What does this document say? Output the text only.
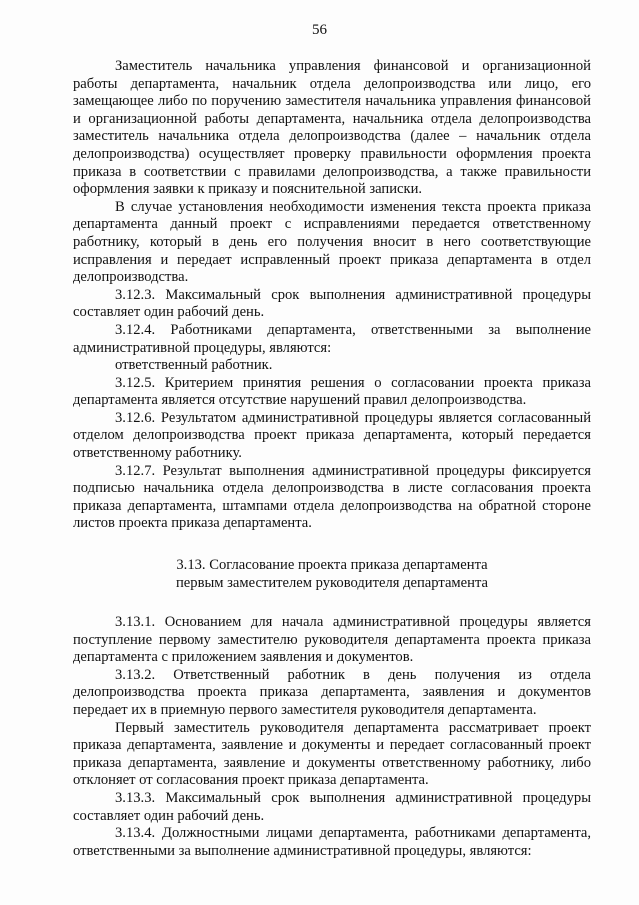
56

Заместитель начальника управления финансовой и организационной работы департамента, начальник отдела делопроизводства или лицо, его замещающее либо по поручению заместителя начальника управления финансовой и организационной работы департамента, начальника отдела делопроизводства заместитель начальника отдела делопроизводства (далее – начальник отдела делопроизводства) осуществляет проверку правильности оформления проекта приказа в соответствии с правилами делопроизводства, а также правильности оформления заявки к приказу и пояснительной записки.

В случае установления необходимости изменения текста проекта приказа департамента данный проект с исправлениями передается ответственному работнику, который в день его получения вносит в него соответствующие исправления и передает исправленный проект приказа департамента в отдел делопроизводства.

3.12.3. Максимальный срок выполнения административной процедуры составляет один рабочий день.

3.12.4. Работниками департамента, ответственными за выполнение административной процедуры, являются:

ответственный работник.

3.12.5. Критерием принятия решения о согласовании проекта приказа департамента является отсутствие нарушений правил делопроизводства.

3.12.6. Результатом административной процедуры является согласованный отделом делопроизводства проект приказа департамента, который передается ответственному работнику.

3.12.7. Результат выполнения административной процедуры фиксируется подписью начальника отдела делопроизводства в листе согласования проекта приказа департамента, штампами отдела делопроизводства на обратной стороне листов проекта приказа департамента.

3.13. Согласование проекта приказа департамента
первым заместителем руководителя департамента

3.13.1. Основанием для начала административной процедуры является поступление первому заместителю руководителя департамента проекта приказа департамента с приложением заявления и документов.

3.13.2. Ответственный работник в день получения из отдела делопроизводства проекта приказа департамента, заявления и документов передает их в приемную первого заместителя руководителя департамента.

Первый заместитель руководителя департамента рассматривает проект приказа департамента, заявление и документы и передает согласованный проект приказа департамента, заявление и документы ответственному работнику, либо отклоняет от согласования проект приказа департамента.

3.13.3. Максимальный срок выполнения административной процедуры составляет один рабочий день.

3.13.4. Должностными лицами департамента, работниками департамента, ответственными за выполнение административной процедуры, являются:
